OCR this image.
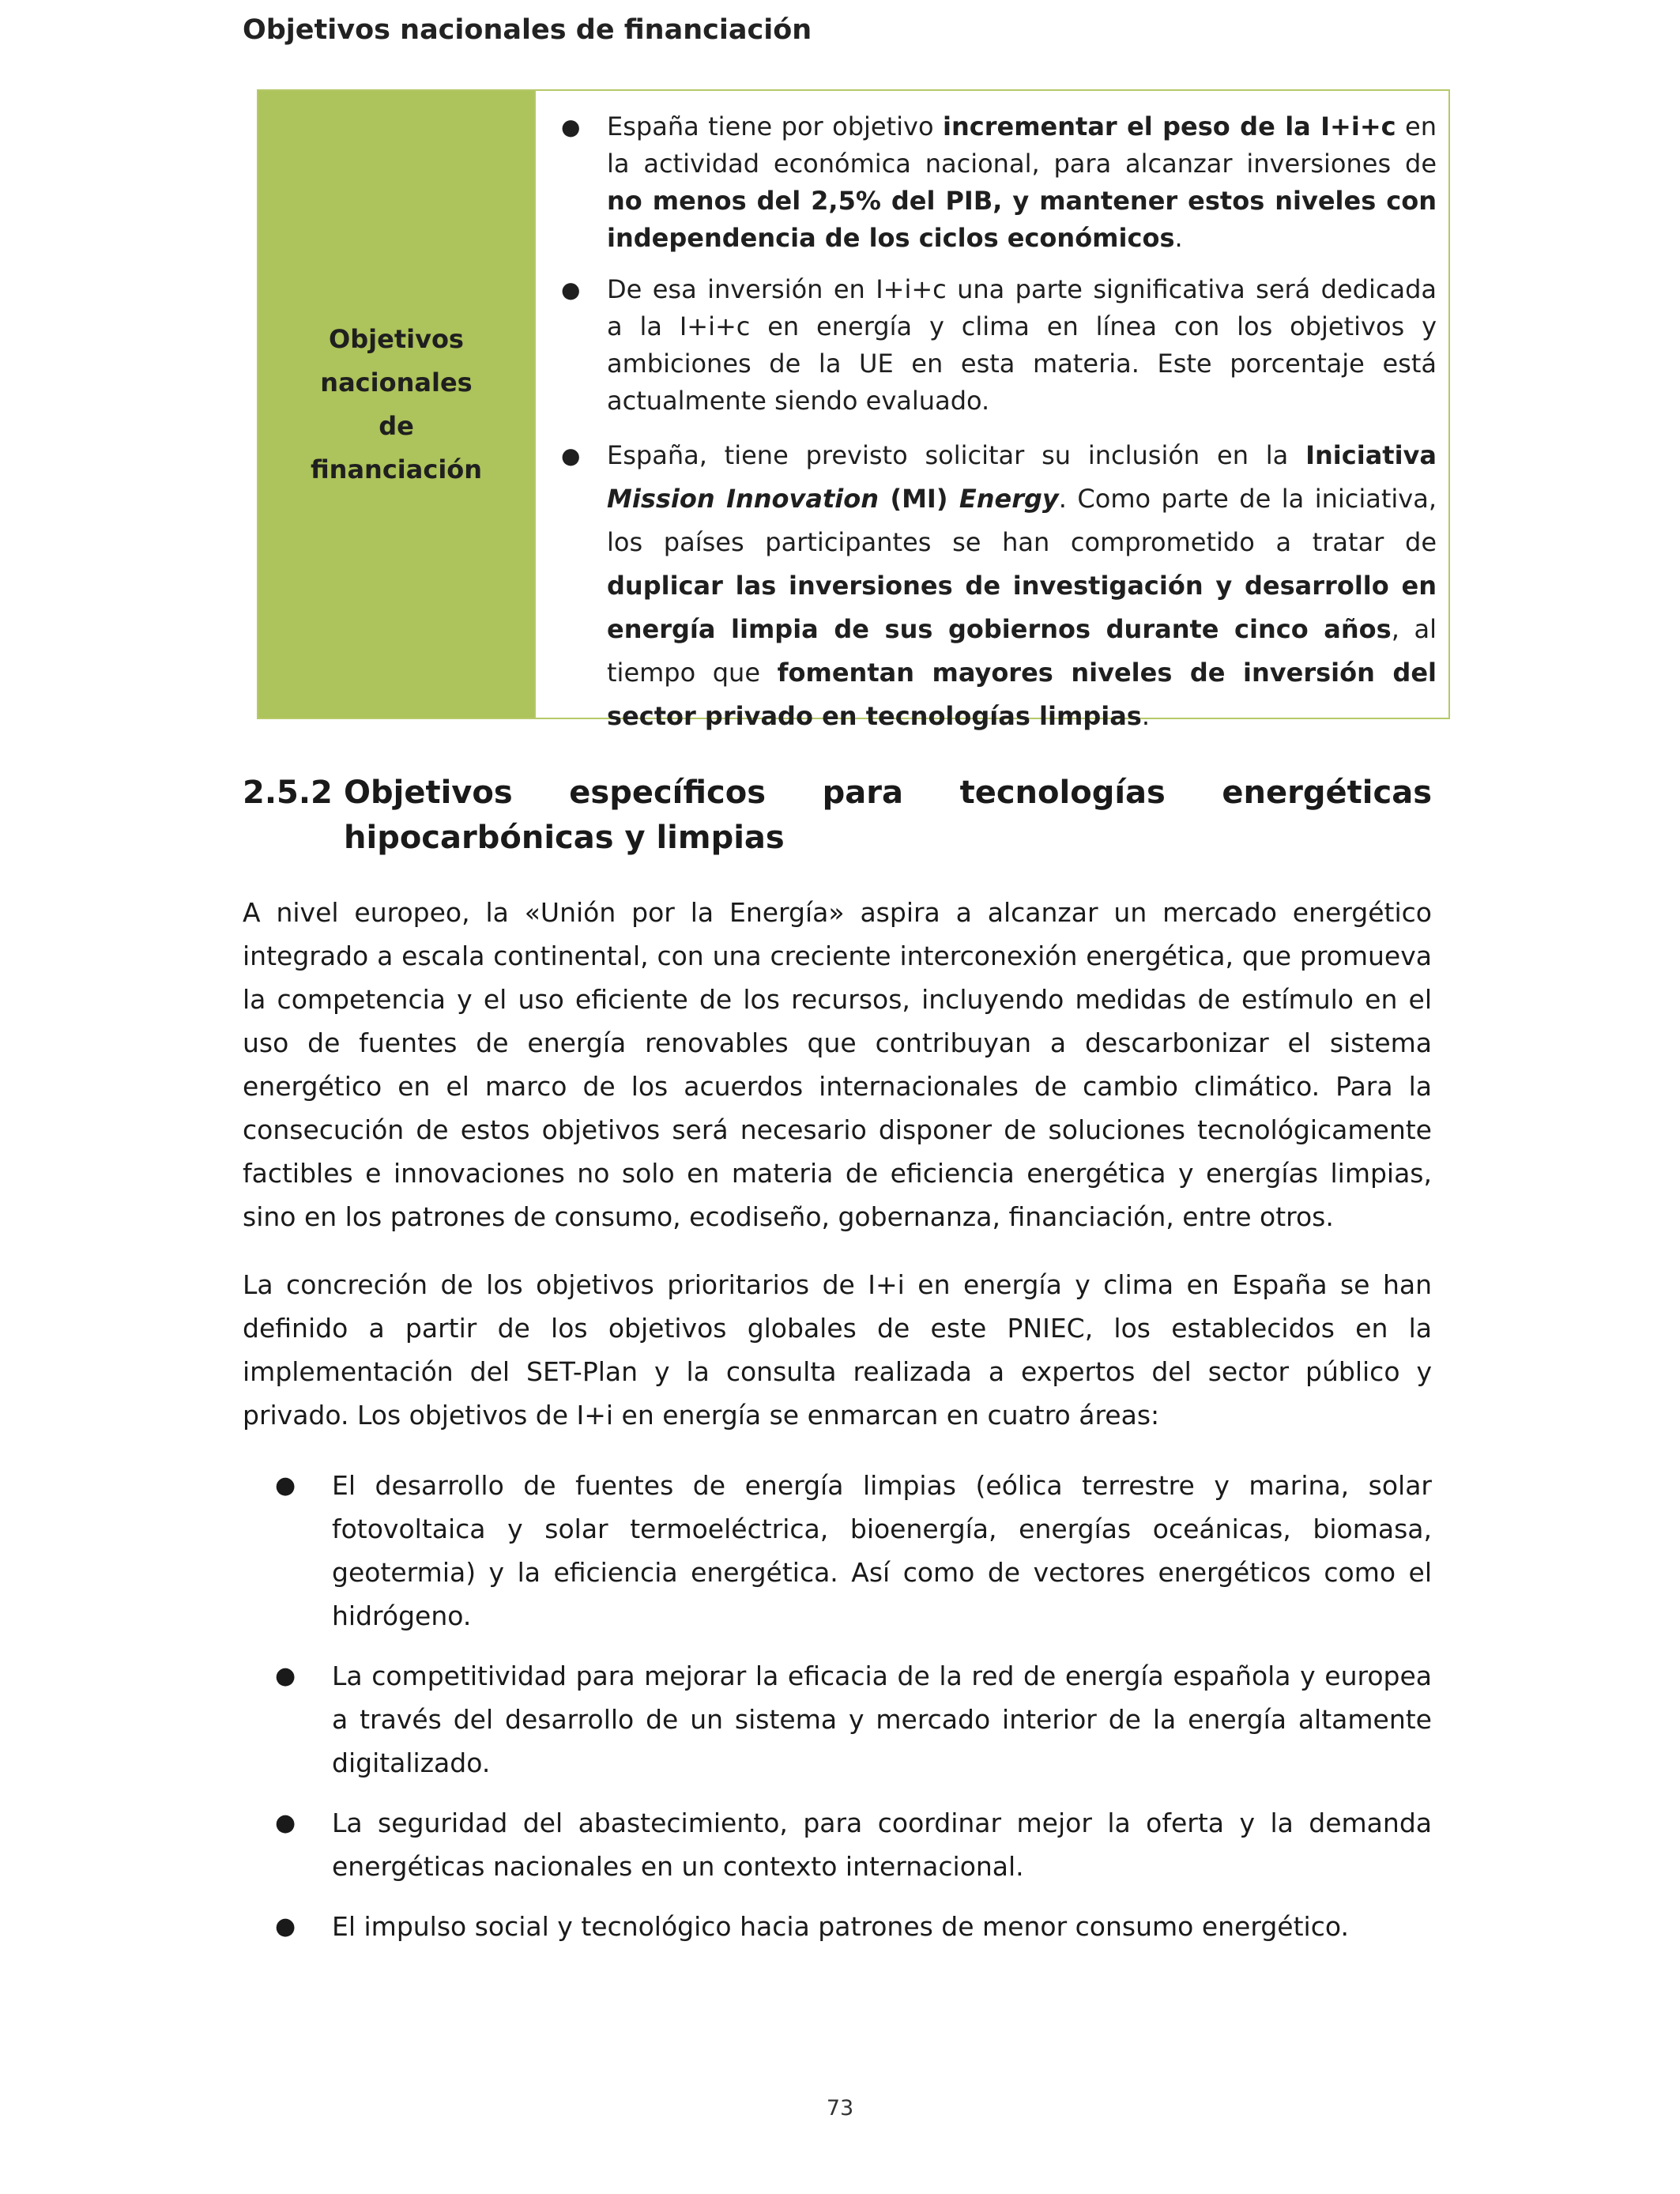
Objetivos nacionales de financiación
Objetivos
nacionales de
financiación
● España tiene por objetivo incrementar el peso de la I+i+c en la actividad económica nacional, para alcanzar inversiones de no menos del 2,5% del PIB, y mantener estos niveles con independencia de los ciclos económicos.
● De esa inversión en I+i+c una parte significativa será dedicada a la I+i+c en energía y clima en línea con los objetivos y ambiciones de la UE en esta materia. Este porcentaje está actualmente siendo evaluado.
● España, tiene previsto solicitar su inclusión en la Iniciativa Mission Innovation (MI) Energy. Como parte de la iniciativa, los países participantes se han comprometido a tratar de duplicar las inversiones de investigación y desarrollo en energía limpia de sus gobiernos durante cinco años, al tiempo que fomentan mayores niveles de inversión del sector privado en tecnologías limpias.
2.5.2 Objetivos específicos para tecnologías energéticas hipocarbónicas y limpias
A nivel europeo, la «Unión por la Energía» aspira a alcanzar un mercado energético integrado a escala continental, con una creciente interconexión energética, que promueva la competencia y el uso eficiente de los recursos, incluyendo medidas de estímulo en el uso de fuentes de energía renovables que contribuyan a descarbonizar el sistema energético en el marco de los acuerdos internacionales de cambio climático. Para la consecución de estos objetivos será necesario disponer de soluciones tecnológicamente factibles e innovaciones no solo en materia de eficiencia energética y energías limpias, sino en los patrones de consumo, ecodiseño, gobernanza, financiación, entre otros.
La concreción de los objetivos prioritarios de I+i en energía y clima en España se han definido a partir de los objetivos globales de este PNIEC, los establecidos en la implementación del SET-Plan y la consulta realizada a expertos del sector público y privado. Los objetivos de I+i en energía se enmarcan en cuatro áreas:
● El desarrollo de fuentes de energía limpias (eólica terrestre y marina, solar fotovoltaica y solar termoeléctrica, bioenergía, energías oceánicas, biomasa, geotermia) y la eficiencia energética. Así como de vectores energéticos como el hidrógeno.
● La competitividad para mejorar la eficacia de la red de energía española y europea a través del desarrollo de un sistema y mercado interior de la energía altamente digitalizado.
● La seguridad del abastecimiento, para coordinar mejor la oferta y la demanda energéticas nacionales en un contexto internacional.
● El impulso social y tecnológico hacia patrones de menor consumo energético.
73
